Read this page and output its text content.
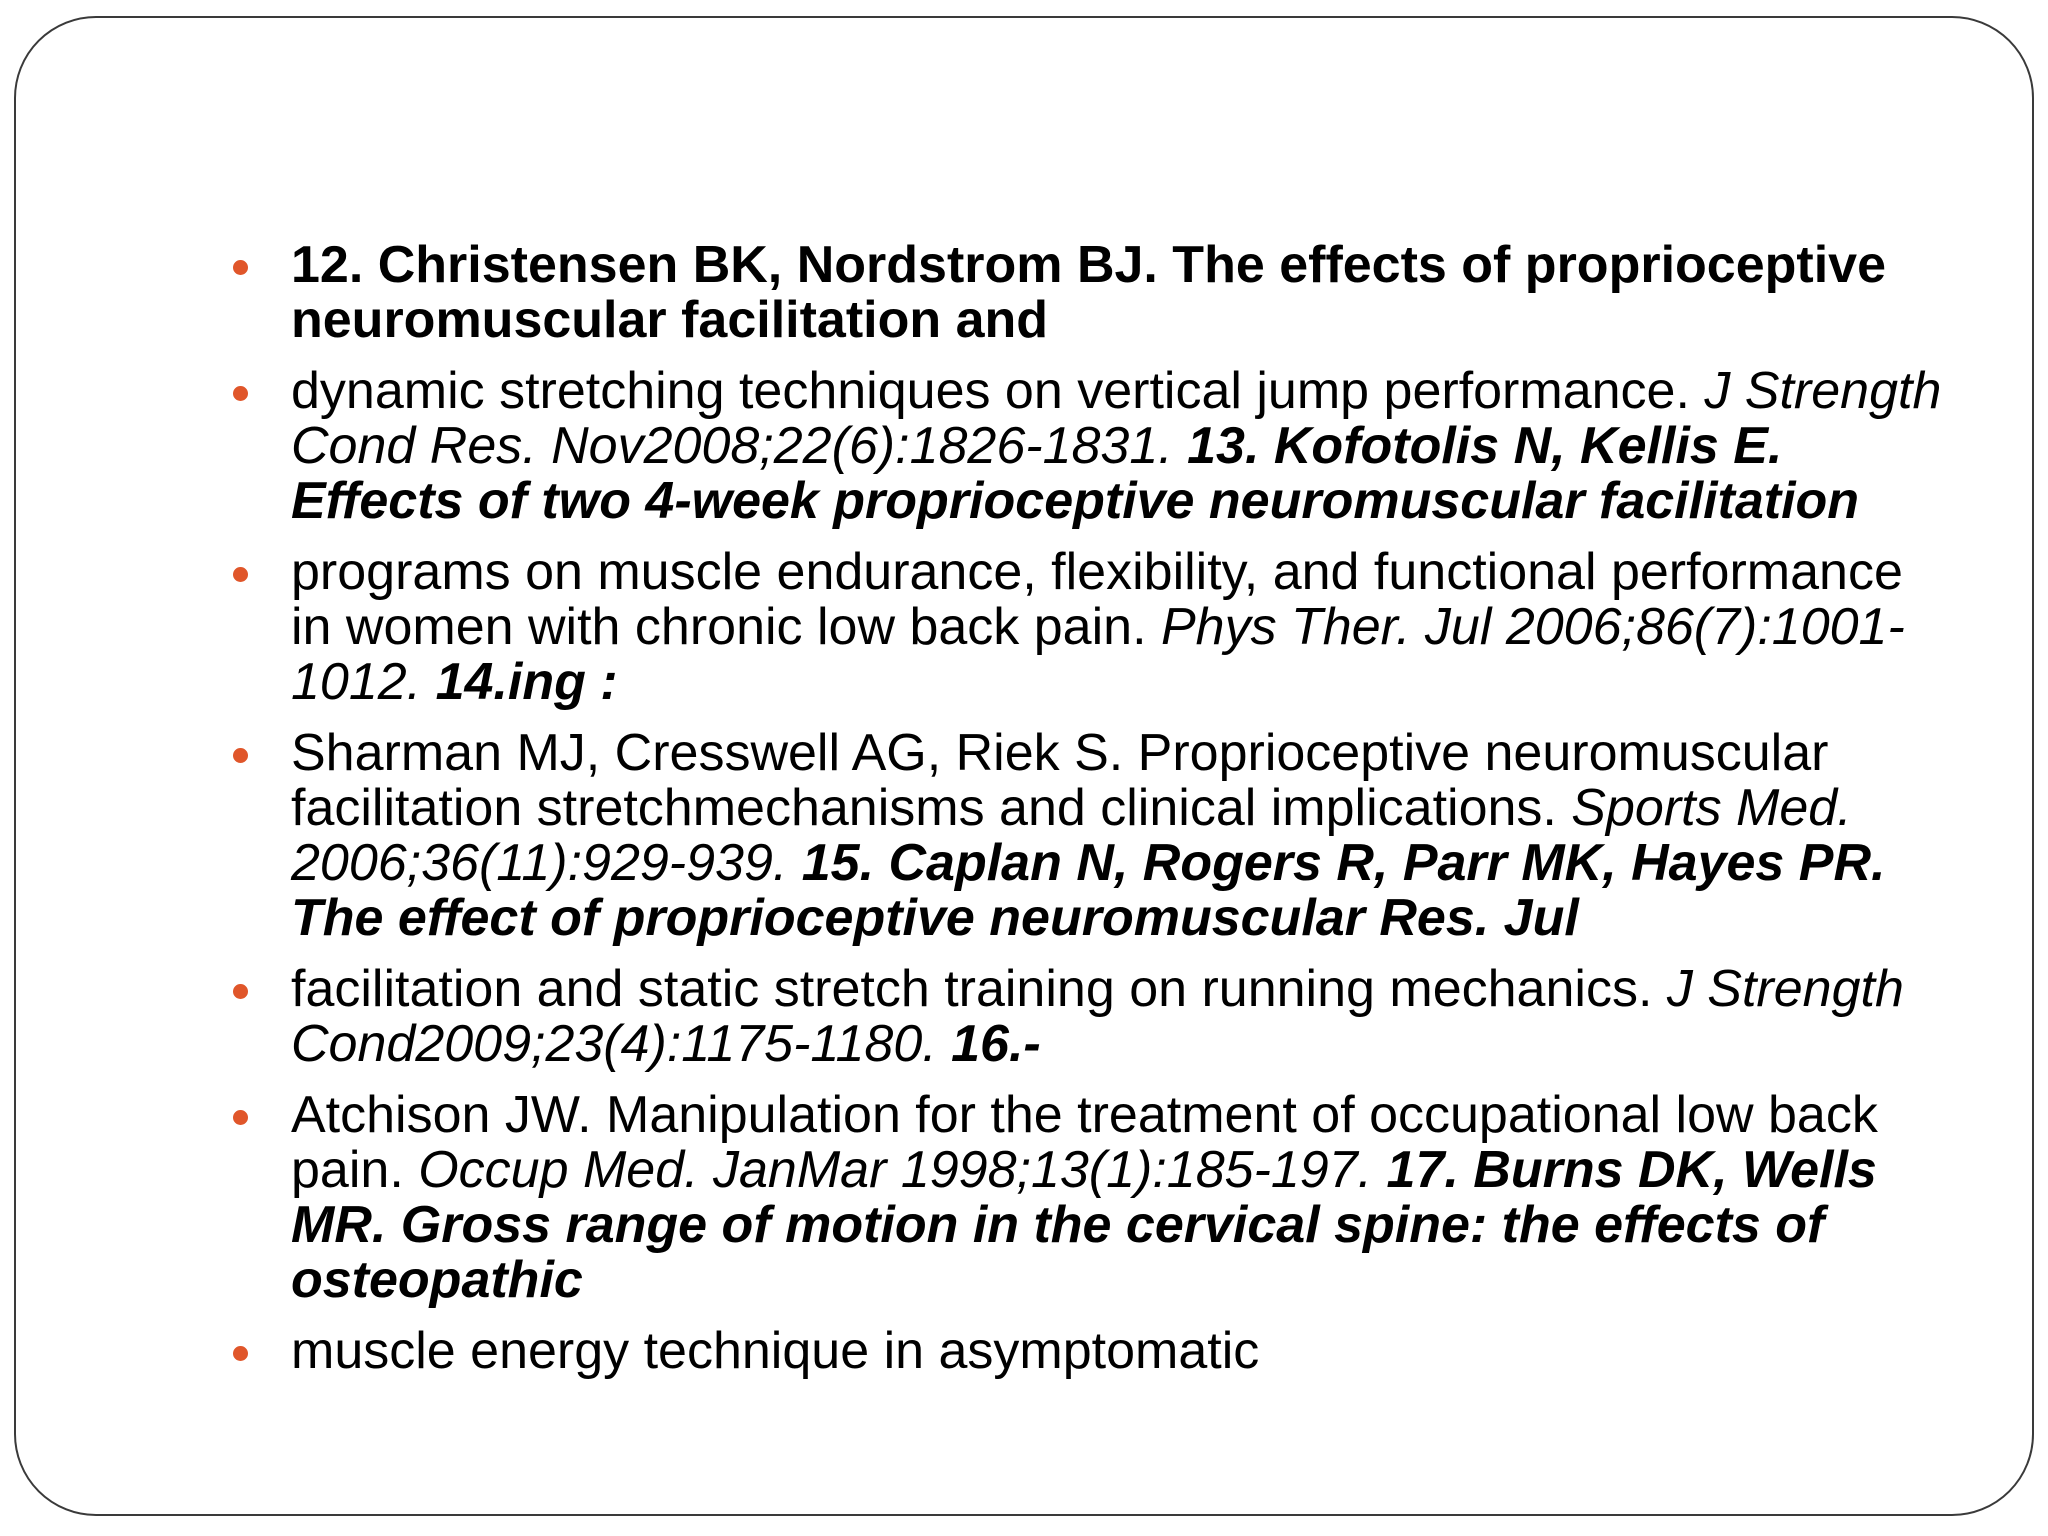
12. Christensen BK, Nordstrom BJ. The effects of proprioceptive neuromuscular facilitation and
dynamic stretching techniques on vertical jump performance. J Strength Cond Res. Nov2008;22(6):1826-1831. 13. Kofotolis N, Kellis E. Effects of two 4-week proprioceptive neuromuscular facilitation
programs on muscle endurance, flexibility, and functional performance in women with chronic low back pain. Phys Ther. Jul 2006;86(7):1001-1012. 14.ing :
Sharman MJ, Cresswell AG, Riek S. Proprioceptive neuromuscular facilitation stretchmechanisms and clinical implications. Sports Med. 2006;36(11):929-939. 15. Caplan N, Rogers R, Parr MK, Hayes PR. The effect of proprioceptive neuromuscular Res. Jul
facilitation and static stretch training on running mechanics. J Strength Cond2009;23(4):1175-1180. 16.-
Atchison JW. Manipulation for the treatment of occupational low back pain. Occup Med. JanMar 1998;13(1):185-197. 17. Burns DK, Wells MR. Gross range of motion in the cervical spine: the effects of osteopathic
muscle energy technique in asymptomatic
